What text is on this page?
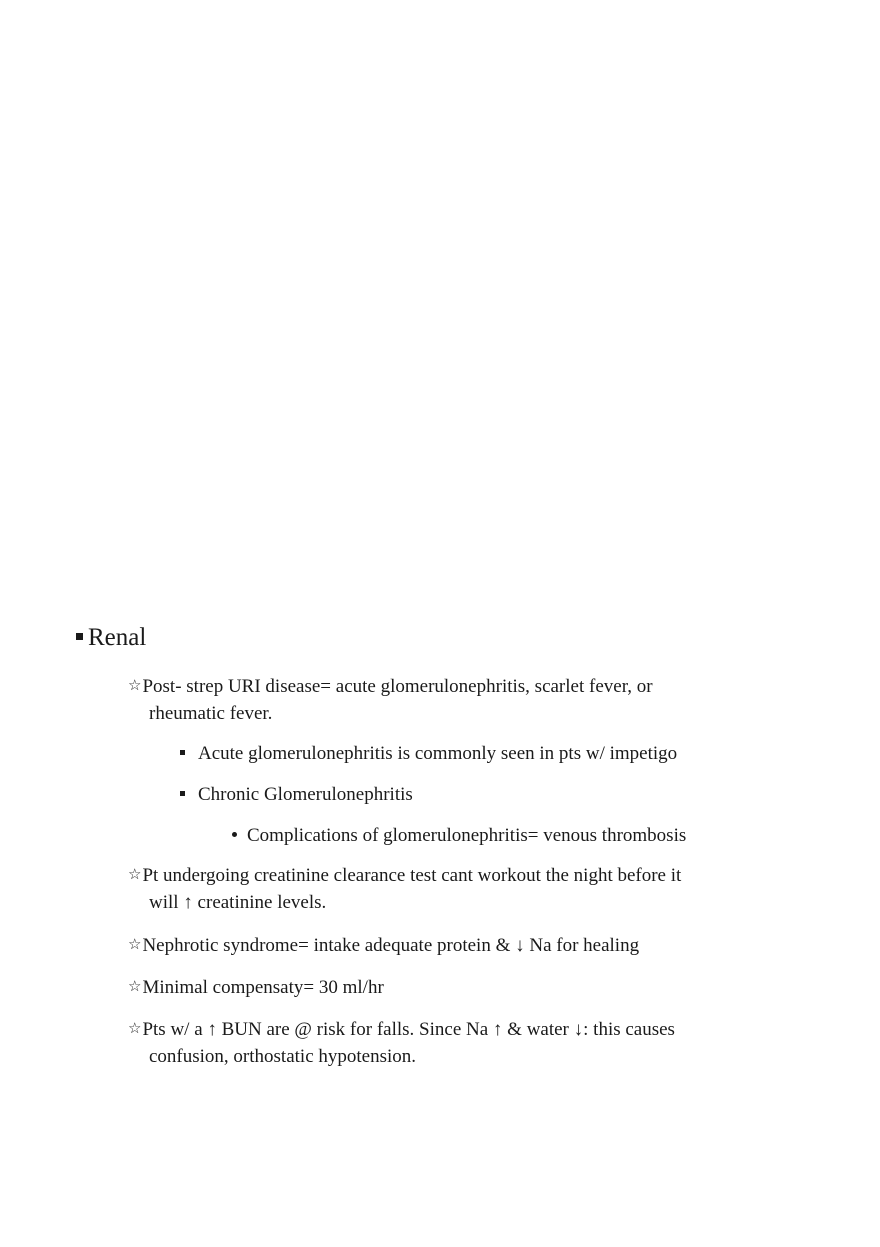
Renal
☆Post- strep URI disease= acute glomerulonephritis, scarlet fever, or
rheumatic fever.
Acute glomerulonephritis is commonly seen in pts w/ impetigo
Chronic Glomerulonephritis
Complications of glomerulonephritis= venous thrombosis
☆Pt undergoing creatinine clearance test cant workout the night before it
will ↑ creatinine levels.
☆Nephrotic syndrome= intake adequate protein & ↓ Na for healing
☆Minimal compensaty= 30 ml/hr
☆Pts w/ a ↑ BUN are @ risk for falls. Since Na ↑ & water ↓: this causes
confusion, orthostatic hypotension.
